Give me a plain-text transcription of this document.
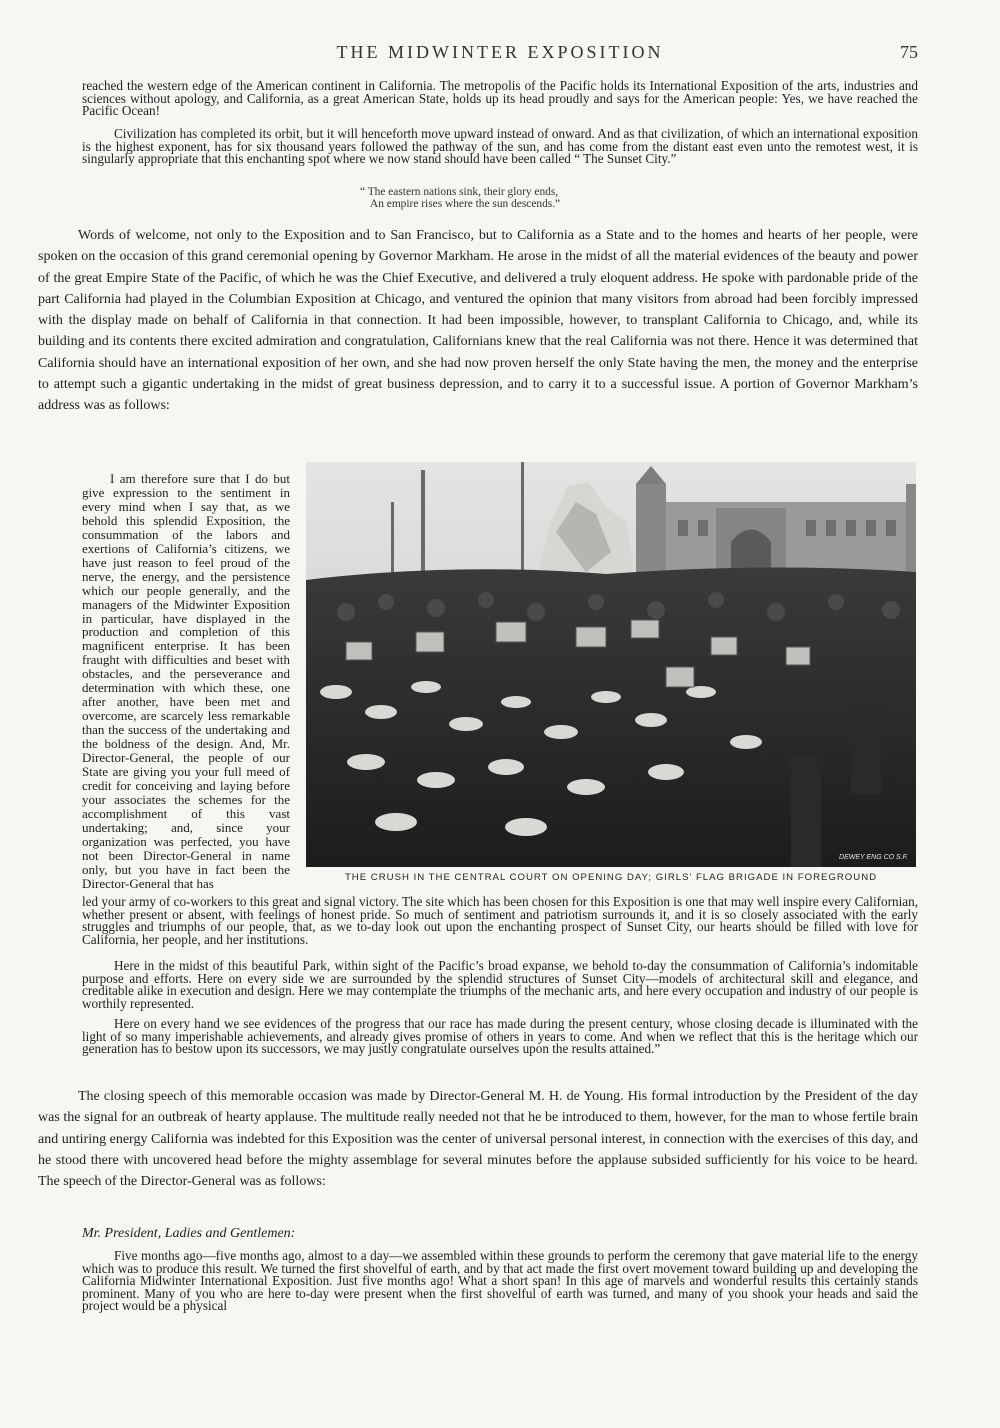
THE MIDWINTER EXPOSITION	75

reached the western edge of the American continent in California. The metropolis of the Pacific holds its International Exposition of the arts, industries and sciences without apology, and California, as a great American State, holds up its head proudly and says for the American people: Yes, we have reached the Pacific Ocean!

Civilization has completed its orbit, but it will henceforth move upward instead of onward. And as that civilization, of which an international exposition is the highest exponent, has for six thousand years followed the pathway of the sun, and has come from the distant east even unto the remotest west, it is singularly appropriate that this enchanting spot where we now stand should have been called “ The Sunset City.”

“ The eastern nations sink, their glory ends,
An empire rises where the sun descends.”

Words of welcome, not only to the Exposition and to San Francisco, but to California as a State and to the homes and hearts of her people, were spoken on the occasion of this grand ceremonial opening by Governor Markham. He arose in the midst of all the material evidences of the beauty and power of the great Empire State of the Pacific, of which he was the Chief Executive, and delivered a truly eloquent address. He spoke with pardonable pride of the part California had played in the Columbian Exposition at Chicago, and ventured the opinion that many visitors from abroad had been forcibly impressed with the display made on behalf of California in that connection. It had been impossible, however, to transplant California to Chicago, and, while its building and its contents there excited admiration and congratulation, Californians knew that the real California was not there. Hence it was determined that California should have an international exposition of her own, and she had now proven herself the only State having the men, the money and the enterprise to attempt such a gigantic undertaking in the midst of great business depression, and to carry it to a successful issue. A portion of Governor Markham’s address was as follows:

I am therefore sure that I do but give expression to the sentiment in every mind when I say that, as we behold this splendid Exposition, the consummation of the labors and exertions of California’s citizens, we have just reason to feel proud of the nerve, the energy, and the persistence which our people generally, and the managers of the Midwinter Exposition in particular, have displayed in the production and completion of this magnificent enterprise. It has been fraught with difficulties and beset with obstacles, and the perseverance and determination with which these, one after another, have been met and overcome, are scarcely less remarkable than the success of the undertaking and the boldness of the design. And, Mr. Director-General, the people of our State are giving you your full meed of credit for conceiving and laying before your associates the schemes for the accomplishment of this vast undertaking; and, since your organization was perfected, you have not been Director-General in name only, but you have in fact been the Director-General that has

DEWEY ENG CO S.F.
THE CRUSH IN THE CENTRAL COURT ON OPENING DAY; GIRLS’ FLAG BRIGADE IN FOREGROUND

led your army of co-workers to this great and signal victory. The site which has been chosen for this Exposition is one that may well inspire every Californian, whether present or absent, with feelings of honest pride. So much of sentiment and patriotism surrounds it, and it is so closely associated with the early struggles and triumphs of our people, that, as we to-day look out upon the enchanting prospect of Sunset City, our hearts should be filled with love for California, her people, and her institutions.

Here in the midst of this beautiful Park, within sight of the Pacific’s broad expanse, we behold to-day the consummation of California’s indomitable purpose and efforts. Here on every side we are surrounded by the splendid structures of Sunset City—models of architectural skill and elegance, and creditable alike in execution and design. Here we may contemplate the triumphs of the mechanic arts, and here every occupation and industry of our people is worthily represented.

Here on every hand we see evidences of the progress that our race has made during the present century, whose closing decade is illuminated with the light of so many imperishable achievements, and already gives promise of others in years to come. And when we reflect that this is the heritage which our generation has to bestow upon its successors, we may justly congratulate ourselves upon the results attained.”

The closing speech of this memorable occasion was made by Director-General M. H. de Young. His formal introduction by the President of the day was the signal for an outbreak of hearty applause. The multitude really needed not that he be introduced to them, however, for the man to whose fertile brain and untiring energy California was indebted for this Exposition was the center of universal personal interest, in connection with the exercises of this day, and he stood there with uncovered head before the mighty assemblage for several minutes before the applause subsided sufficiently for his voice to be heard. The speech of the Director-General was as follows:

Mr. President, Ladies and Gentlemen:

Five months ago—five months ago, almost to a day—we assembled within these grounds to perform the ceremony that gave material life to the energy which was to produce this result. We turned the first shovelful of earth, and by that act made the first overt movement toward building up and developing the California Midwinter International Exposition. Just five months ago! What a short span! In this age of marvels and wonderful results this certainly stands prominent. Many of you who are here to-day were present when the first shovelful of earth was turned, and many of you shook your heads and said the project would be a physical
